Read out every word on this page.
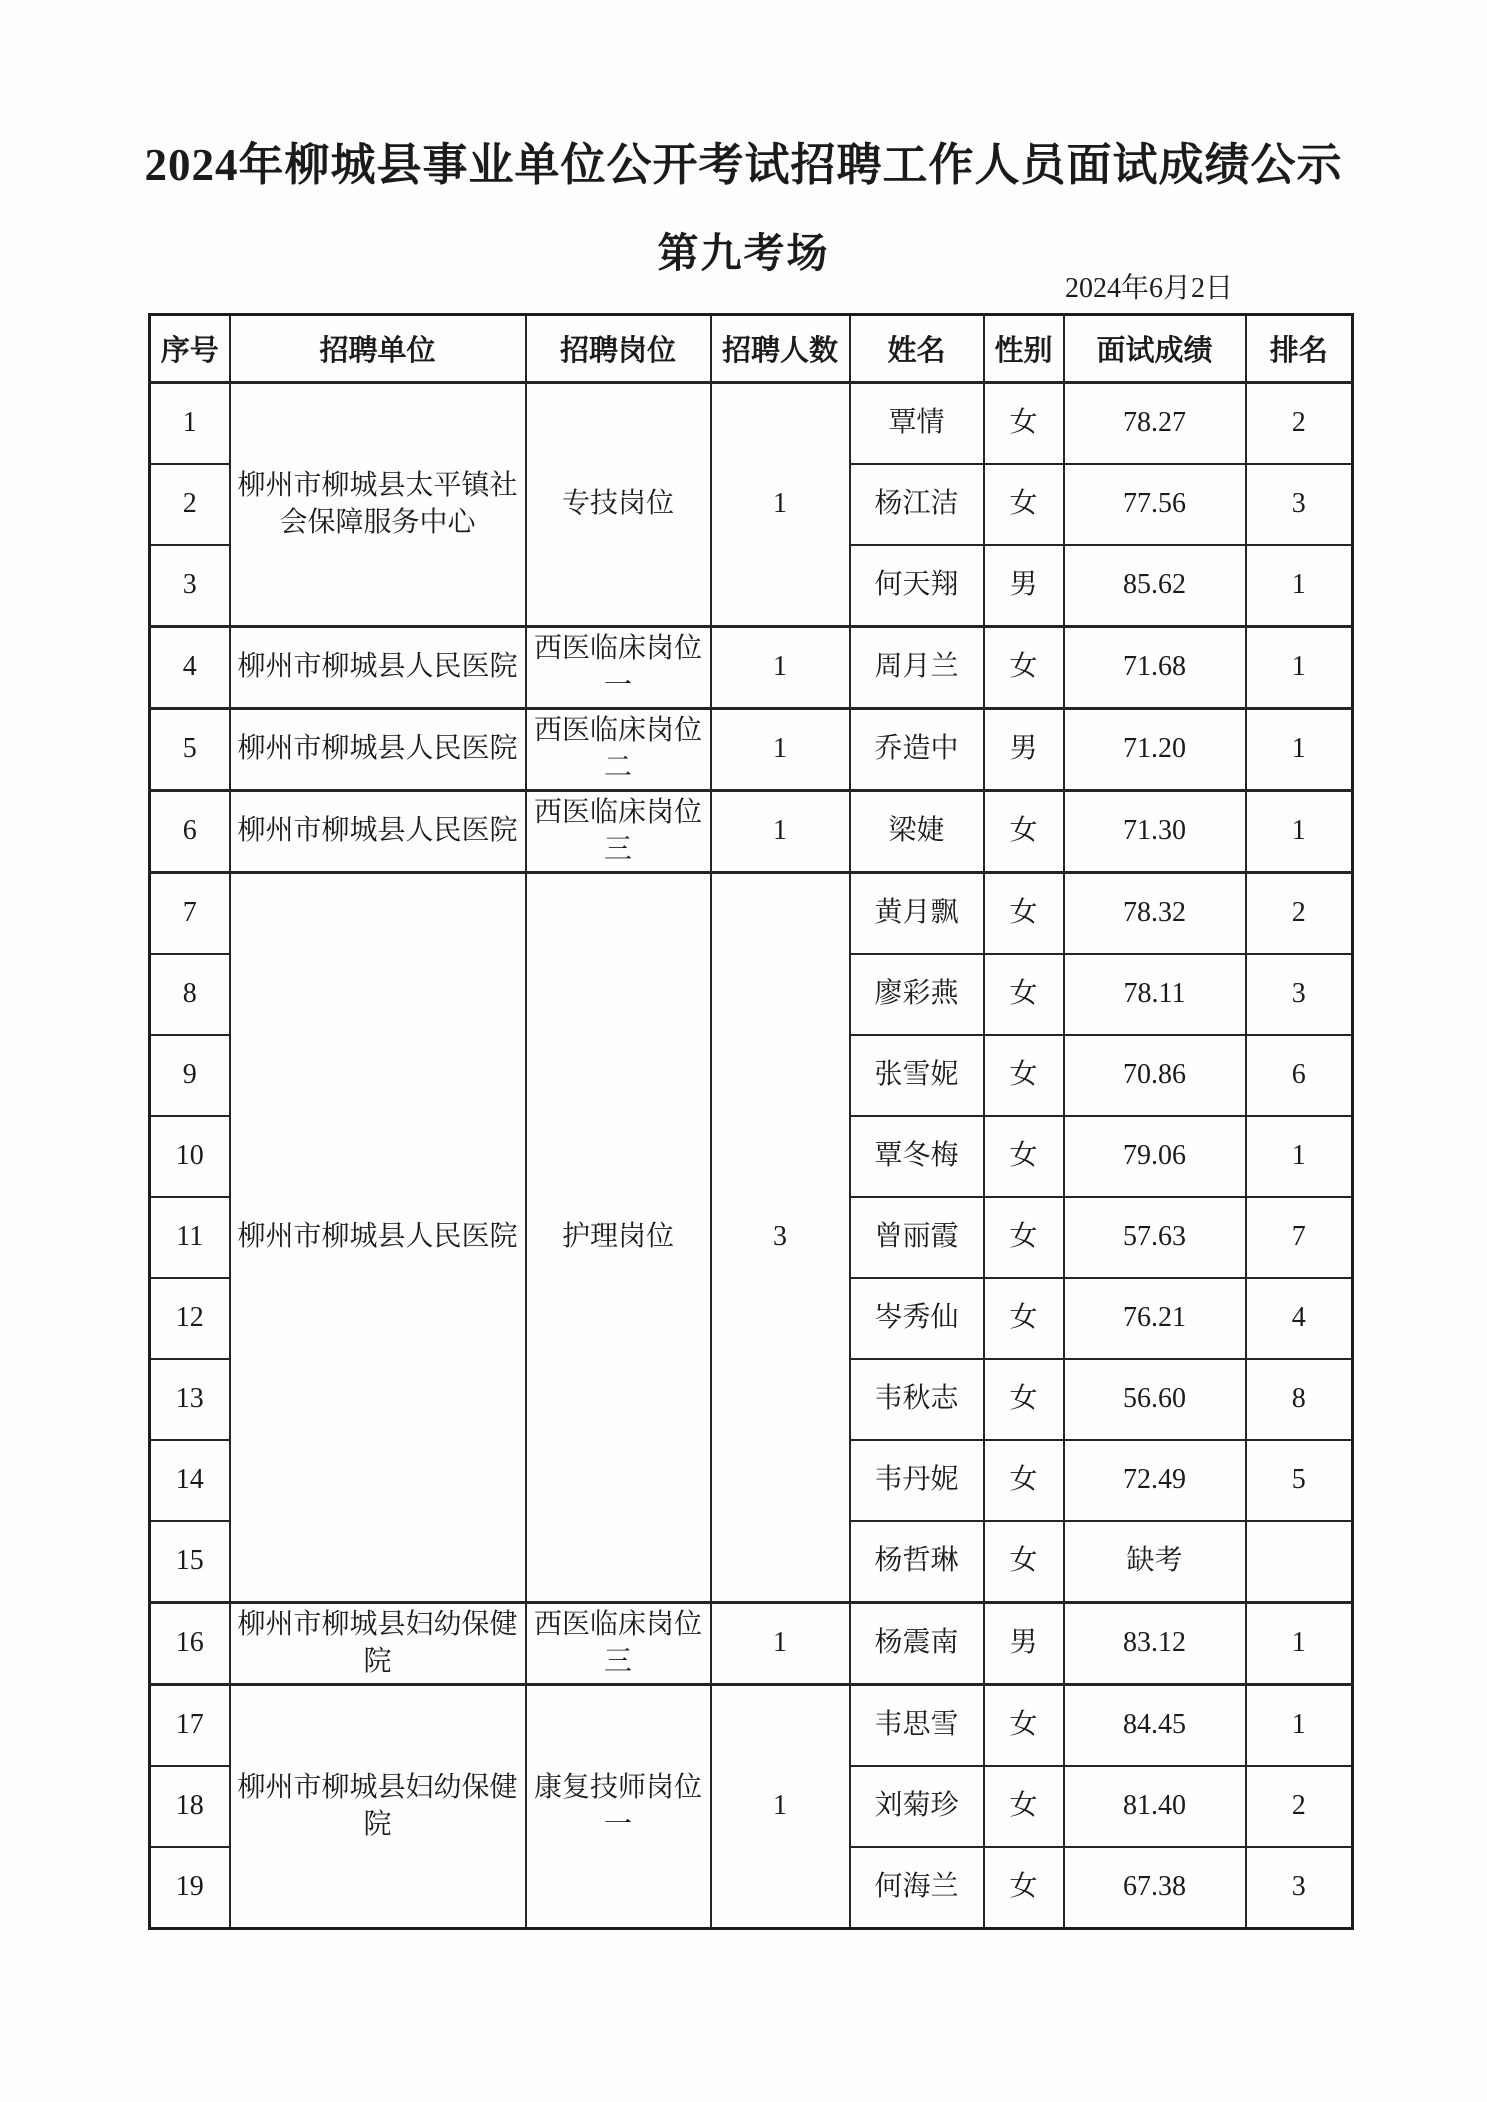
2024年柳城县事业单位公开考试招聘工作人员面试成绩公示
第九考场
2024年6月2日
序号	招聘单位	招聘岗位	招聘人数	姓名	性别	面试成绩	排名
1	柳州市柳城县太平镇社会保障服务中心	专技岗位	1	覃情	女	78.27	2
2				杨江洁	女	77.56	3
3				何天翔	男	85.62	1
4	柳州市柳城县人民医院	西医临床岗位一	1	周月兰	女	71.68	1
5	柳州市柳城县人民医院	西医临床岗位二	1	乔造中	男	71.20	1
6	柳州市柳城县人民医院	西医临床岗位三	1	梁婕	女	71.30	1
7	柳州市柳城县人民医院	护理岗位	3	黄月飘	女	78.32	2
8				廖彩燕	女	78.11	3
9				张雪妮	女	70.86	6
10				覃冬梅	女	79.06	1
11				曾丽霞	女	57.63	7
12				岑秀仙	女	76.21	4
13				韦秋志	女	56.60	8
14				韦丹妮	女	72.49	5
15				杨哲琳	女	缺考	
16	柳州市柳城县妇幼保健院	西医临床岗位三	1	杨震南	男	83.12	1
17	柳州市柳城县妇幼保健院	康复技师岗位一	1	韦思雪	女	84.45	1
18				刘菊珍	女	81.40	2
19				何海兰	女	67.38	3
